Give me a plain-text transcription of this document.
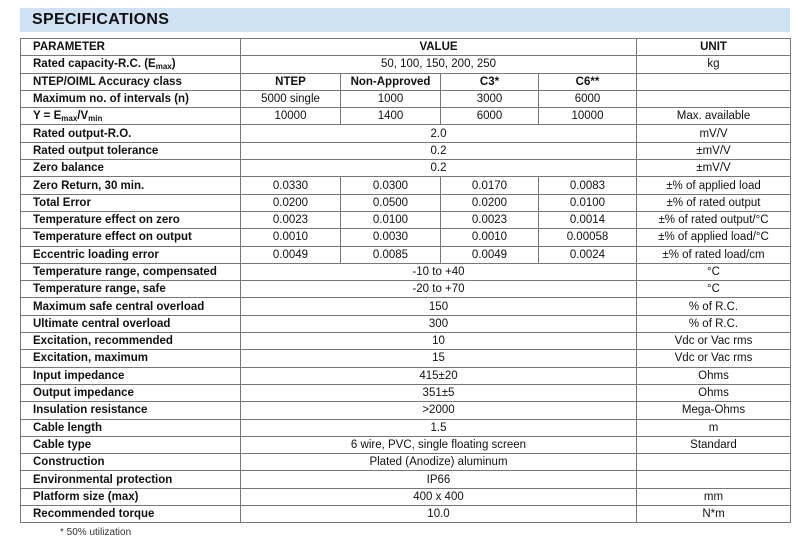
SPECIFICATIONS
PARAMETER	VALUE				UNIT
Rated capacity-R.C. $(E_{max})$	50, 100, 150, 200, 250				kg
NTEP/OIML Accuracy class	NTEP	Non-Approved	C3*	C6**	
Maximum no. of intervals (n)	5000 single	1000	3000	6000	
$Y = E_{max}/V_{min}$	10000	1400	6000	10000	Max. available
Rated output-R.O.	2.0				mV/V
Rated output tolerance	0.2				±mV/V
Zero balance	0.2				±mV/V
Zero Return, 30 min.	0.0330	0.0300	0.0170	0.0083	±% of applied load
Total Error	0.0200	0.0500	0.0200	0.0100	±% of rated output
Temperature effect on zero	0.0023	0.0100	0.0023	0.0014	±% of rated output/°C
Temperature effect on output	0.0010	0.0030	0.0010	0.00058	±% of applied load/°C
Eccentric loading error	0.0049	0.0085	0.0049	0.0024	±% of rated load/cm
Temperature range, compensated	-10 to +40				°C
Temperature range, safe	-20 to +70				°C
Maximum safe central overload	150				% of R.C.
Ultimate central overload	300				% of R.C.
Excitation, recommended	10				Vdc or Vac rms
Excitation, maximum	15				Vdc or Vac rms
Input impedance	415±20				Ohms
Output impedance	351±5				Ohms
Insulation resistance	>2000				Mega-Ohms
Cable length	1.5				m
Cable type	6 wire, PVC, single floating screen				Standard
Construction	Plated (Anodize) aluminum				
Environmental protection	IP66				
Platform size (max)	400 x 400				mm
Recommended torque	10.0				N*m
* 50% utilization
